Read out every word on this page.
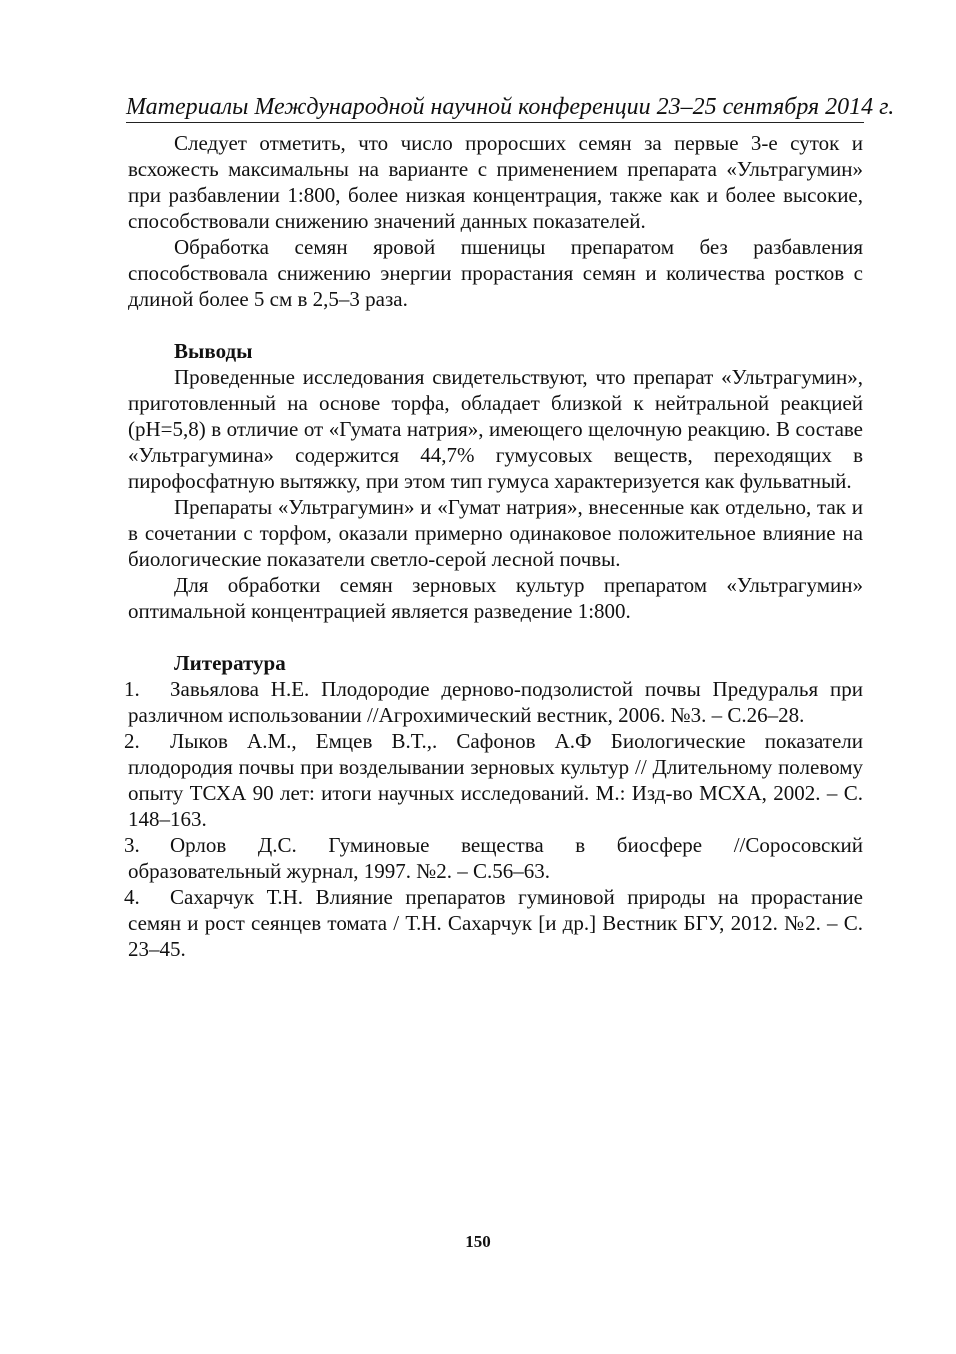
Материалы Международной научной конференции 23–25 сентября 2014 г.

Следует отметить, что число проросших семян за первые 3-е суток и всхожесть максимальны на варианте с применением препарата «Ультрагумин» при разбавлении 1:800, более низкая концентрация, также как и более высокие, способствовали снижению значений данных показателей.

Обработка семян яровой пшеницы препаратом без разбавления способствовала снижению энергии прорастания семян и количества ростков с длиной более 5 см в 2,5–3 раза.

Выводы

Проведенные исследования свидетельствуют, что препарат «Ультрагумин», приготовленный на основе торфа, обладает близкой к нейтральной реакцией (рН=5,8) в отличие от «Гумата натрия», имеющего щелочную реакцию. В составе «Ультрагумина» содержится 44,7% гумусовых веществ, переходящих в пирофосфатную вытяжку, при этом тип гумуса характеризуется как фульватный.

Препараты «Ультрагумин» и «Гумат натрия», внесенные как отдельно, так и в сочетании с торфом, оказали примерно одинаковое положительное влияние на биологические показатели светло-серой лесной почвы.

Для обработки семян зерновых культур препаратом «Ультрагумин» оптимальной концентрацией является разведение 1:800.

Литература
1. Завьялова Н.Е. Плодородие дерново-подзолистой почвы Предуралья при различном использовании //Агрохимический вестник, 2006. №3. – С.26–28.
2. Лыков А.М., Емцев В.Т.,. Сафонов А.Ф Биологические показатели плодородия почвы при возделывании зерновых культур // Длительному полевому опыту ТСХА 90 лет: итоги научных исследований. М.: Изд-во МСХА, 2002. – С. 148–163.
3. Орлов Д.С. Гуминовые вещества в биосфере //Соросовский образовательный журнал, 1997. №2. – С.56–63.
4. Сахарчук Т.Н. Влияние препаратов гуминовой природы на прорастание семян и рост сеянцев томата / Т.Н. Сахарчук [и др.] Вестник БГУ, 2012. №2. – С. 23–45.
150
